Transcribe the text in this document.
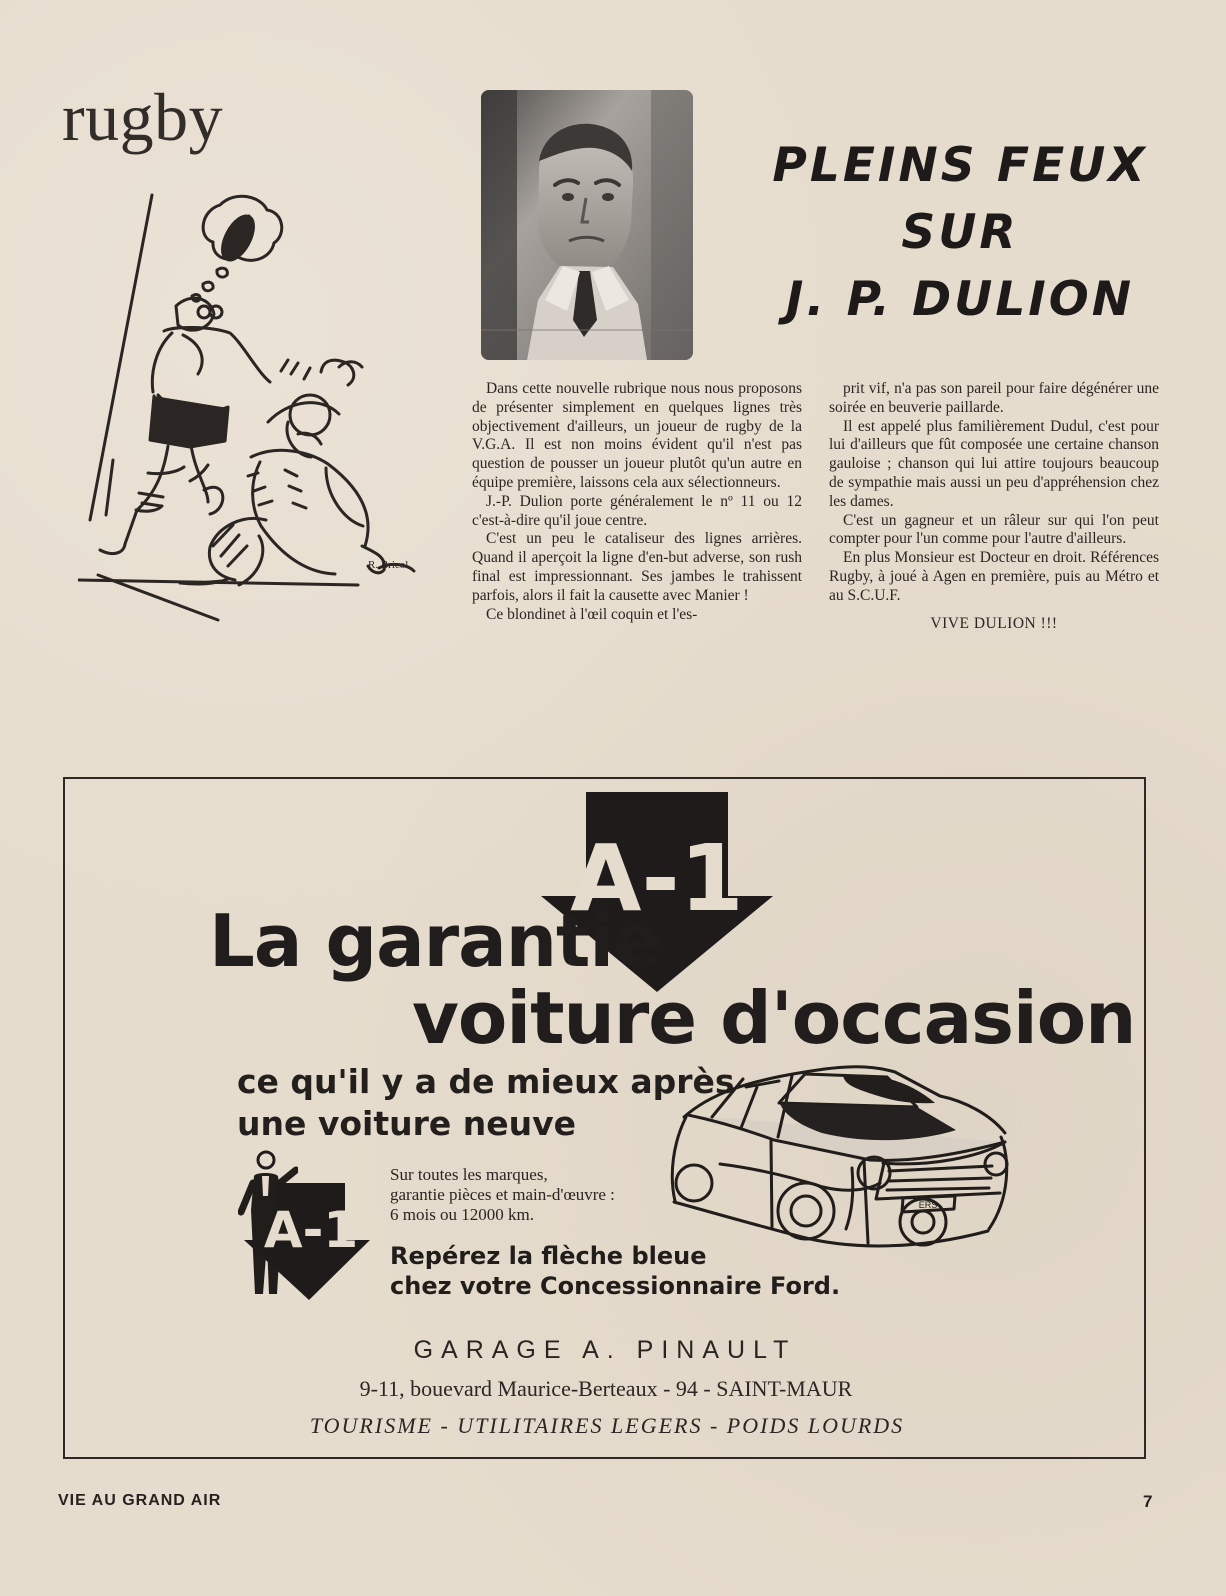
rugby
R. Bricol
PLEINS FEUX
SUR
J. P. DULION

Dans cette nouvelle rubrique nous nous proposons de présenter simplement en quelques lignes très objectivement d'ailleurs, un joueur de rugby de la V.G.A. Il est non moins évident qu'il n'est pas question de pousser un joueur plutôt qu'un autre en équipe première, laissons cela aux sélectionneurs.

J.-P. Dulion porte généralement le nº 11 ou 12 c'est-à-dire qu'il joue centre.

C'est un peu le cataliseur des lignes arrières. Quand il aperçoit la ligne d'en-but adverse, son rush final est impressionnant. Ses jambes le trahissent parfois, alors il fait la causette avec Manier !

Ce blondinet à l'œil coquin et l'es-

prit vif, n'a pas son pareil pour faire dégénérer une soirée en beuverie paillarde.

Il est appelé plus familièrement Dudul, c'est pour lui d'ailleurs que fût composée une certaine chanson gauloise ; chanson qui lui attire toujours beaucoup de sympathie mais aussi un peu d'appréhension chez les dames.

C'est un gagneur et un râleur sur qui l'on peut compter pour l'un comme pour l'autre d'ailleurs.

En plus Monsieur est Docteur en droit. Références Rugby, à joué à Agen en première, puis au Métro et au S.C.U.F.

VIVE DULION !!!

A-1
La garantie
voiture d'occasion
ce qu'il y a de mieux après
une voiture neuve
ERS
A-1
Sur toutes les marques,
garantie pièces et main-d'œuvre :
6 mois ou 12000 km.
Repérez la flèche bleue
chez votre Concessionnaire Ford.
GARAGE A. PINAULT
9-11, bouevard Maurice-Berteaux - 94 - SAINT-MAUR
TOURISME - UTILITAIRES LEGERS - POIDS LOURDS
VIE AU GRAND AIR	7
